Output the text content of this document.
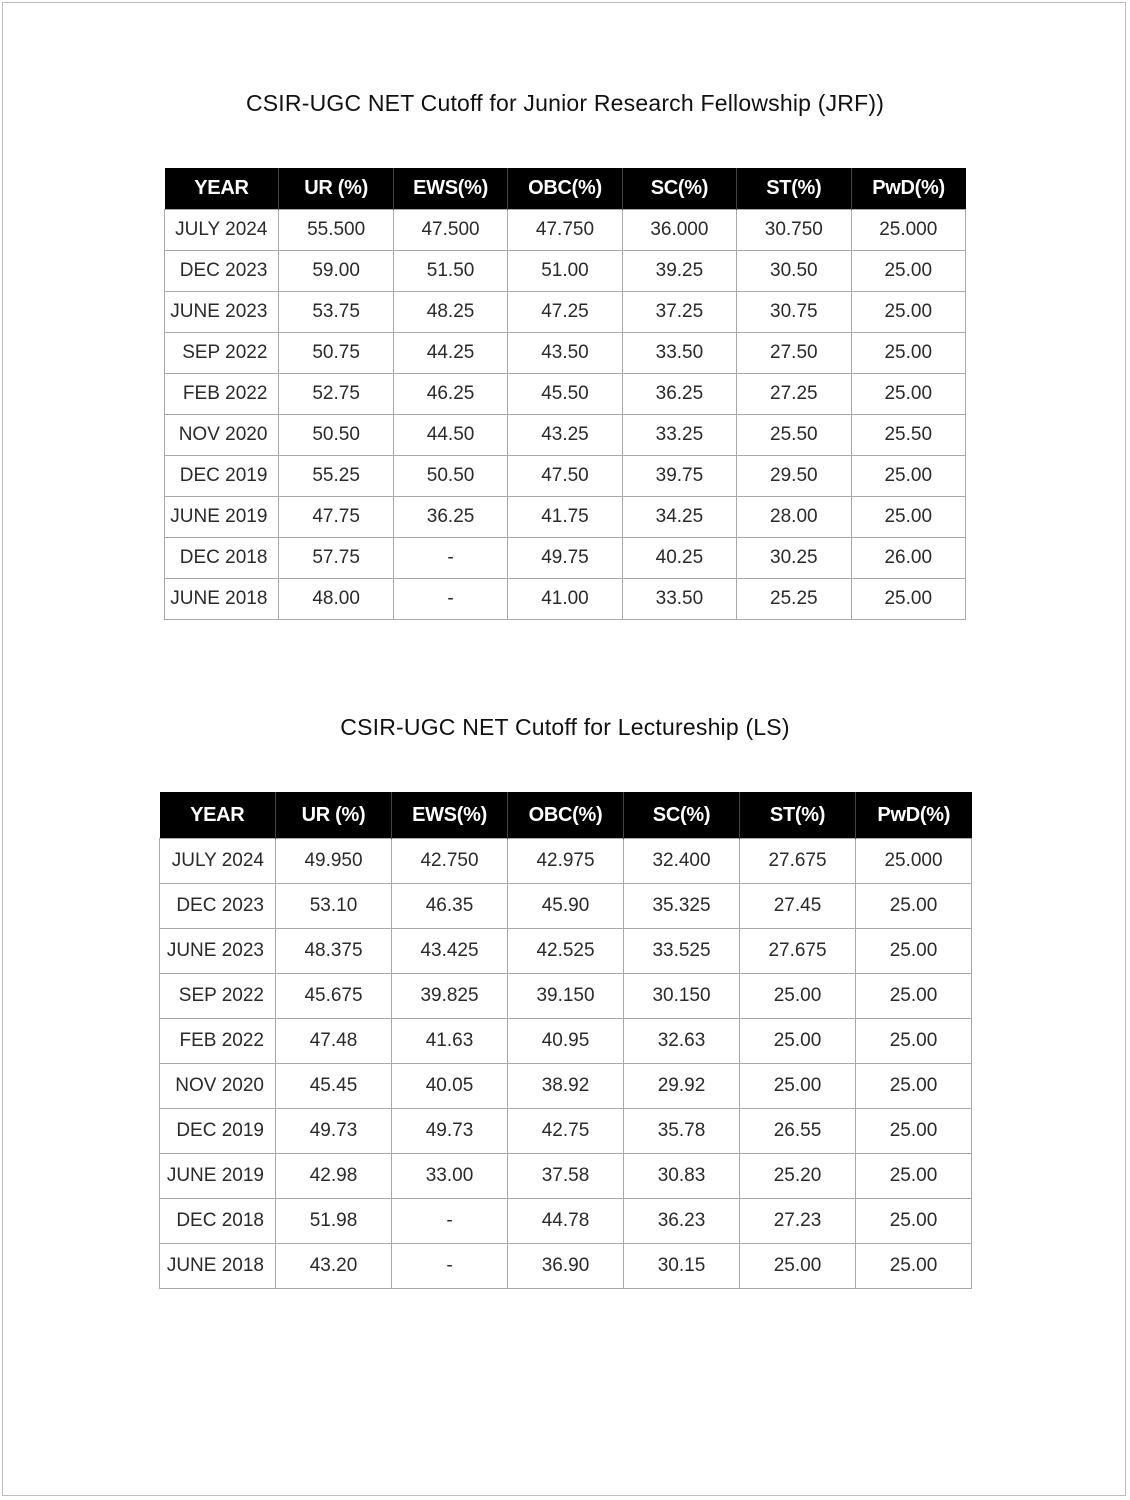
CSIR-UGC NET Cutoff for Junior Research Fellowship (JRF))
YEAR	UR (%)	EWS(%)	OBC(%)	SC(%)	ST(%)	PwD(%)
JULY 2024	55.500	47.500	47.750	36.000	30.750	25.000
DEC 2023	59.00	51.50	51.00	39.25	30.50	25.00
JUNE 2023	53.75	48.25	47.25	37.25	30.75	25.00
SEP 2022	50.75	44.25	43.50	33.50	27.50	25.00
FEB 2022	52.75	46.25	45.50	36.25	27.25	25.00
NOV 2020	50.50	44.50	43.25	33.25	25.50	25.50
DEC 2019	55.25	50.50	47.50	39.75	29.50	25.00
JUNE 2019	47.75	36.25	41.75	34.25	28.00	25.00
DEC 2018	57.75	-	49.75	40.25	30.25	26.00
JUNE 2018	48.00	-	41.00	33.50	25.25	25.00
CSIR-UGC NET Cutoff for Lectureship (LS)
YEAR	UR (%)	EWS(%)	OBC(%)	SC(%)	ST(%)	PwD(%)
JULY 2024	49.950	42.750	42.975	32.400	27.675	25.000
DEC 2023	53.10	46.35	45.90	35.325	27.45	25.00
JUNE 2023	48.375	43.425	42.525	33.525	27.675	25.00
SEP 2022	45.675	39.825	39.150	30.150	25.00	25.00
FEB 2022	47.48	41.63	40.95	32.63	25.00	25.00
NOV 2020	45.45	40.05	38.92	29.92	25.00	25.00
DEC 2019	49.73	49.73	42.75	35.78	26.55	25.00
JUNE 2019	42.98	33.00	37.58	30.83	25.20	25.00
DEC 2018	51.98	-	44.78	36.23	27.23	25.00
JUNE 2018	43.20	-	36.90	30.15	25.00	25.00
